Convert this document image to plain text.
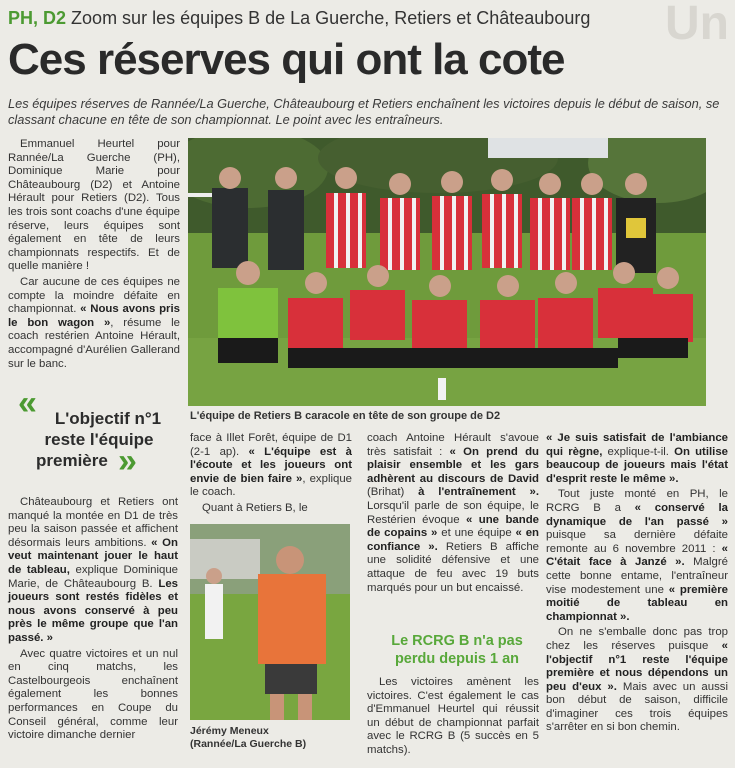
Un
PH, D2 Zoom sur les équipes B de La Guerche, Retiers et Châteaubourg
Ces réserves qui ont la cote
Les équipes réserves de Rannée/La Guerche, Châteaubourg et Retiers enchaînent les victoires depuis le début de saison, se classant chacune en tête de son championnat. Le point avec les entraîneurs.

Emmanuel Heurtel pour Rannée/La Guerche (PH), Dominique Marie pour Châteaubourg (D2) et Antoine Hérault pour Retiers (D2). Tous les trois sont coachs d'une équipe réserve, leurs équipes sont également en tête de leurs championnats respectifs. Et de quelle manière !

Car aucune de ces équipes ne compte la moindre défaite en championnat. « Nous avons pris le bon wagon », résume le coach restérien Antoine Hérault, accompagné d'Aurélien Gallerand sur le banc.

«	L'objectif n°1
reste l'équipe
première »

Châteaubourg et Retiers ont manqué la montée en D1 de très peu la saison passée et affichent désormais leurs ambitions. « On veut maintenant jouer le haut de tableau, explique Dominique Marie, de Châteaubourg B. Les joueurs sont restés fidèles et nous avons conservé à peu près le même groupe que l'an passé. »

Avec quatre victoires et un nul en cinq matchs, les Castelbourgeois enchaînent également les bonnes performances en Coupe du Conseil général, comme leur victoire dimanche dernier

L'équipe de Retiers B caracole en tête de son groupe de D2

face à Illet Forêt, équipe de D1 (2-1 ap). « L'équipe est à l'écoute et les joueurs ont envie de bien faire », explique le coach.

Quant à Retiers B, le

Jérémy Meneux
(Rannée/La Guerche B)

coach Antoine Hérault s'avoue très satisfait : « On prend du plaisir ensemble et les gars adhèrent au discours de David (Brihat) à l'entraînement ». Lorsqu'il parle de son équipe, le Restérien évoque « une bande de copains » et une équipe « en confiance ». Retiers B affiche une solidité défensive et une attaque de feu avec 19 buts marqués pour un but encaissé.

Le RCRG B n'a pas
perdu depuis 1 an

Les victoires amènent les victoires. C'est également le cas d'Emmanuel Heurtel qui réussit un début de championnat parfait avec le RCRG B (5 succès en 5 matchs).

« Je suis satisfait de l'ambiance qui règne, explique-t-il. On utilise beaucoup de joueurs mais l'état d'esprit reste le même ».

Tout juste monté en PH, le RCRG B a « conservé la dynamique de l'an passé » puisque sa dernière défaite remonte au 6 novembre 2011 : « C'était face à Janzé ». Malgré cette bonne entame, l'entraîneur vise modestement une « première moitié de tableau en championnat ».

On ne s'emballe donc pas trop chez les réserves puisque « l'objectif n°1 reste l'équipe première et nous dépendons un peu d'eux ». Mais avec un aussi bon début de saison, difficile d'imaginer ces trois équipes s'arrêter en si bon chemin.
